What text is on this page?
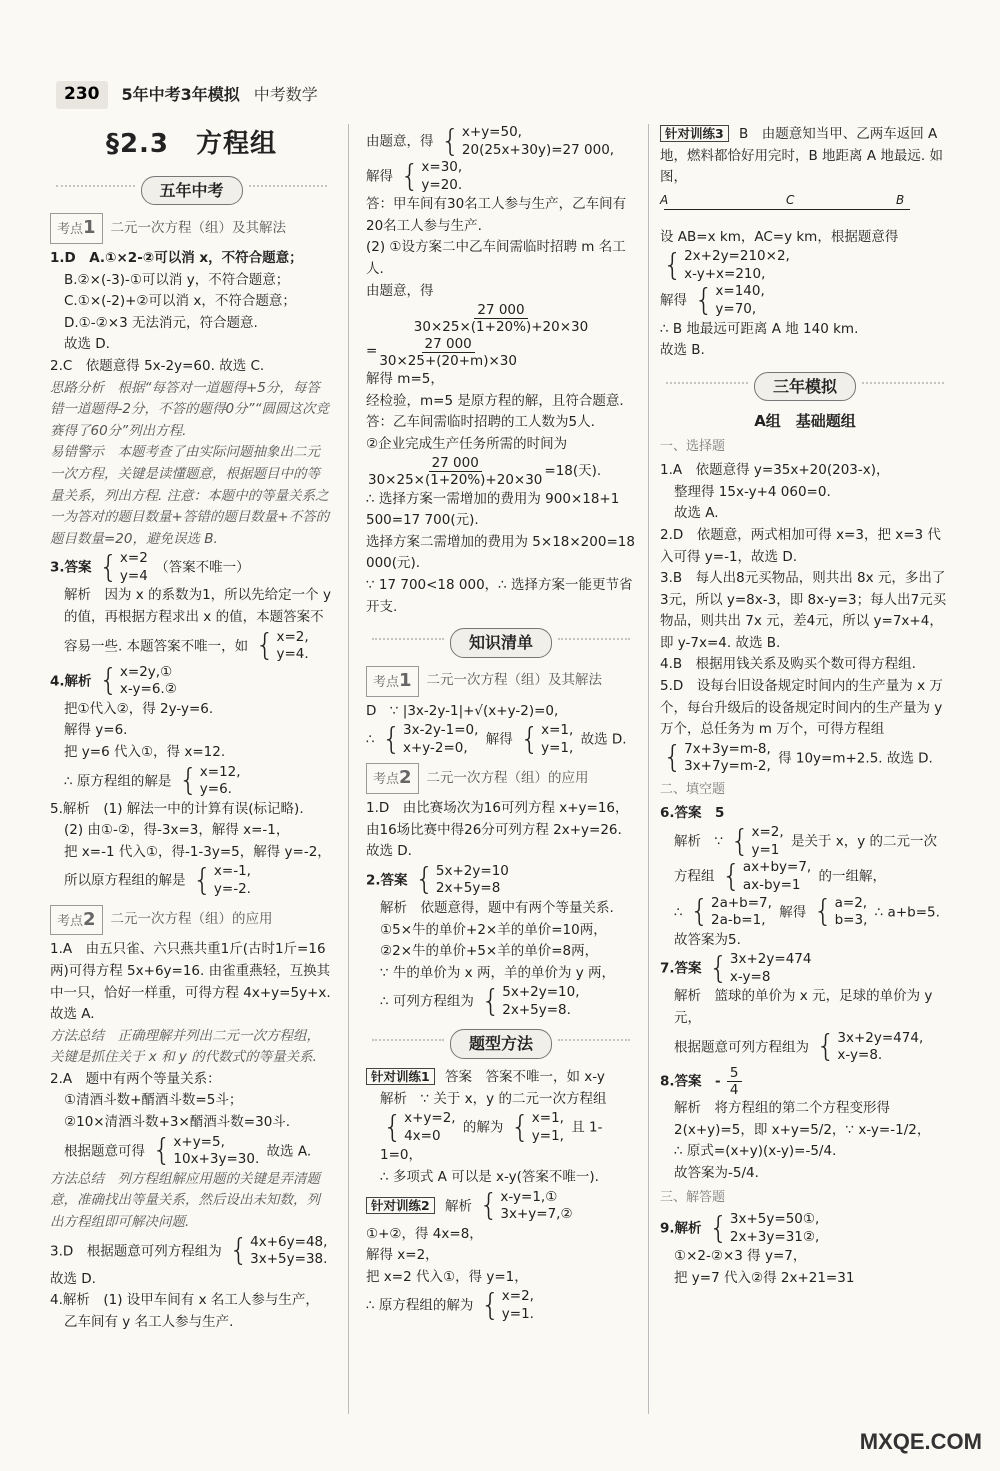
230	5年中考3年模拟 中考数学
§2.3　方程组
五年中考
考点1	二元一次方程（组）及其解法

1.D　A.①×2-②可以消 x，不符合题意；

B.②×(-3)-①可以消 y，不符合题意；

C.①×(-2)+②可以消 x，不符合题意；

D.①-②×3 无法消元，符合题意.

故选 D.

2.C　依题意得 5x-2y=60. 故选 C.

思路分析　根据“每答对一道题得+5分，每答错一道题得-2分，不答的题得0分”“圆圆这次竞赛得了60分”列出方程.

易错警示　本题考查了由实际问题抽象出二元一次方程，关键是读懂题意，根据题目中的等量关系，列出方程. 注意：本题中的等量关系之一为答对的题目数量+答错的题目数量+不答的题目数量=20，避免误选 B.

3.答案 { x=2
y=4 （答案不唯一）

解析　因为 x 的系数为1，所以先给定一个 y 的值，再根据方程求出 x 的值，本题答案不容易一些. 本题答案不唯一，如 { x=2,
y=4.

4.解析 { x=2y,①
x-y=6.②

把①代入②，得 2y-y=6.

解得 y=6.

把 y=6 代入①，得 x=12.

∴ 原方程组的解是 { x=12,
y=6.

5.解析　(1) 解法一中的计算有误(标记略).

(2) 由①-②，得-3x=3，解得 x=-1，

把 x=-1 代入①，得-1-3y=5，解得 y=-2，

所以原方程组的解是 { x=-1,
y=-2.

考点2	二元一次方程（组）的应用

1.A　由五只雀、六只燕共重1斤(古时1斤=16两)可得方程 5x+6y=16. 由雀重燕轻，互换其中一只，恰好一样重，可得方程 4x+y=5y+x. 故选 A.

方法总结　正确理解并列出二元一次方程组，关键是抓住关于 x 和 y 的代数式的等量关系.

2.A　题中有两个等量关系：

①清酒斗数+醑酒斗数=5斗；

②10×清酒斗数+3×醑酒斗数=30斗.

根据题意可得 { x+y=5,
10x+3y=30. 故选 A.

方法总结　列方程组解应用题的关键是弄清题意，准确找出等量关系，然后设出未知数，列出方程组即可解决问题.

3.D　根据题意可列方程组为 { 4x+6y=48,
3x+5y=38.
故选 D.

4.解析　(1) 设甲车间有 x 名工人参与生产，

乙车间有 y 名工人参与生产.

由题意，得 { x+y=50,
20(25x+30y)=27 000,

解得 { x=30,
y=20.

答：甲车间有30名工人参与生产，乙车间有20名工人参与生产.

(2) ①设方案二中乙车间需临时招聘 m 名工人.

由题意，得

27 000
30×25×(1+20%)+20×30
= $\frac{27 000}{30\times 25+(20+m)\times 30}$

解得 m=5，

经检验，m=5 是原方程的解，且符合题意.

答：乙车间需临时招聘的工人数为5人.

②企业完成生产任务所需的时间为

$\frac{27 000}{30\times 25\times(1+20\%)+20\times 30} =18$(天).

∴ 选择方案一需增加的费用为 900×18+1 500=17 700(元).

选择方案二需增加的费用为 5×18×200=18 000(元).

∵ 17 700<18 000，∴ 选择方案一能更节省开支.

知识清单
考点1	二元一次方程（组）及其解法

D　∵ |3x-2y-1|+√(x+y-2)=0,

∴ { 3x-2y-1=0,
x+y-2=0,	解得 { x=1,
y=1, 故选 D.

考点2	二元一次方程（组）的应用

1.D　由比赛场次为16可列方程 x+y=16，由16场比赛中得26分可列方程 2x+y=26. 故选 D.

2.答案 { 5x+2y=10
2x+5y=8

解析　依题意得，题中有两个等量关系.

①5×牛的单价+2×羊的单价=10两，

②2×牛的单价+5×羊的单价=8两，

∵ 牛的单价为 x 两，羊的单价为 y 两，

∴ 可列方程组为 { 5x+2y=10,
2x+5y=8.

题型方法

针对训练1 答案　答案不唯一，如 x-y

解析　∵ 关于 x，y 的二元一次方程组

{ x+y=2,
4x=0	的解为 { x=1,
y=1, 且 1-1=0，

∴ 多项式 A 可以是 x-y(答案不唯一).

针对训练2 解析 { x-y=1,①
3x+y=7,②

①+②，得 4x=8，

解得 x=2，

把 x=2 代入①，得 y=1，

∴ 原方程组的解为 { x=2,
y=1.

针对训练3 B　由题意知当甲、乙两车返回 A 地，燃料都恰好用完时，B 地距离 A 地最远. 如图，

A	C	B

设 AB=x km，AC=y km，根据题意得

{ 2x+2y=210×2,
x-y+x=210,

解得 { x=140,
y=70,

∴ B 地最远可距离 A 地 140 km.

故选 B.

三年模拟
A组　基础题组
一、选择题

1.A　依题意得 y=35x+20(203-x)，

整理得 15x-y+4 060=0.

故选 A.

2.D　依题意，两式相加可得 x=3，把 x=3 代入可得 y=-1，故选 D.

3.B　每人出8元买物品，则共出 8x 元，多出了3元，所以 y=8x-3，即 8x-y=3；每人出7元买物品，则共出 7x 元，差4元，所以 y=7x+4，即 y-7x=4. 故选 B.

4.B　根据用钱关系及购买个数可得方程组.

5.D　设每台旧设备规定时间内的生产量为 x 万个，每台升级后的设备规定时间内的生产量为 y 万个，总任务为 m 万个，可得方程组
{ 7x+3y=m-8,
3x+7y=m-2, 得 10y=m+2.5. 故选 D.

二、填空题

6.答案　5

解析　∵ { x=2,
y=1 是关于 x，y 的二元一次方程组 { ax+by=7,
ax-by=1	的一组解，

∴ { 2a+b=7,
2a-b=1,	解得 { a=2,
b=3, ∴ a+b=5.

故答案为5.

7.答案 { 3x+2y=474
x-y=8

解析　篮球的单价为 x 元，足球的单价为 y 元，

根据题意可列方程组为 { 3x+2y=474,
x-y=8.

8.答案　- $\frac{5}{4}$

解析　将方程组的第二个方程变形得 2(x+y)=5，即 x+y=5/2，∵ x-y=-1/2，

∴ 原式=(x+y)(x-y)=-5/4.

故答案为-5/4.

三、解答题

9.解析 { 3x+5y=50①,
2x+3y=31②,

①×2-②×3 得 y=7，

把 y=7 代入②得 2x+21=31

MXQE.COM
